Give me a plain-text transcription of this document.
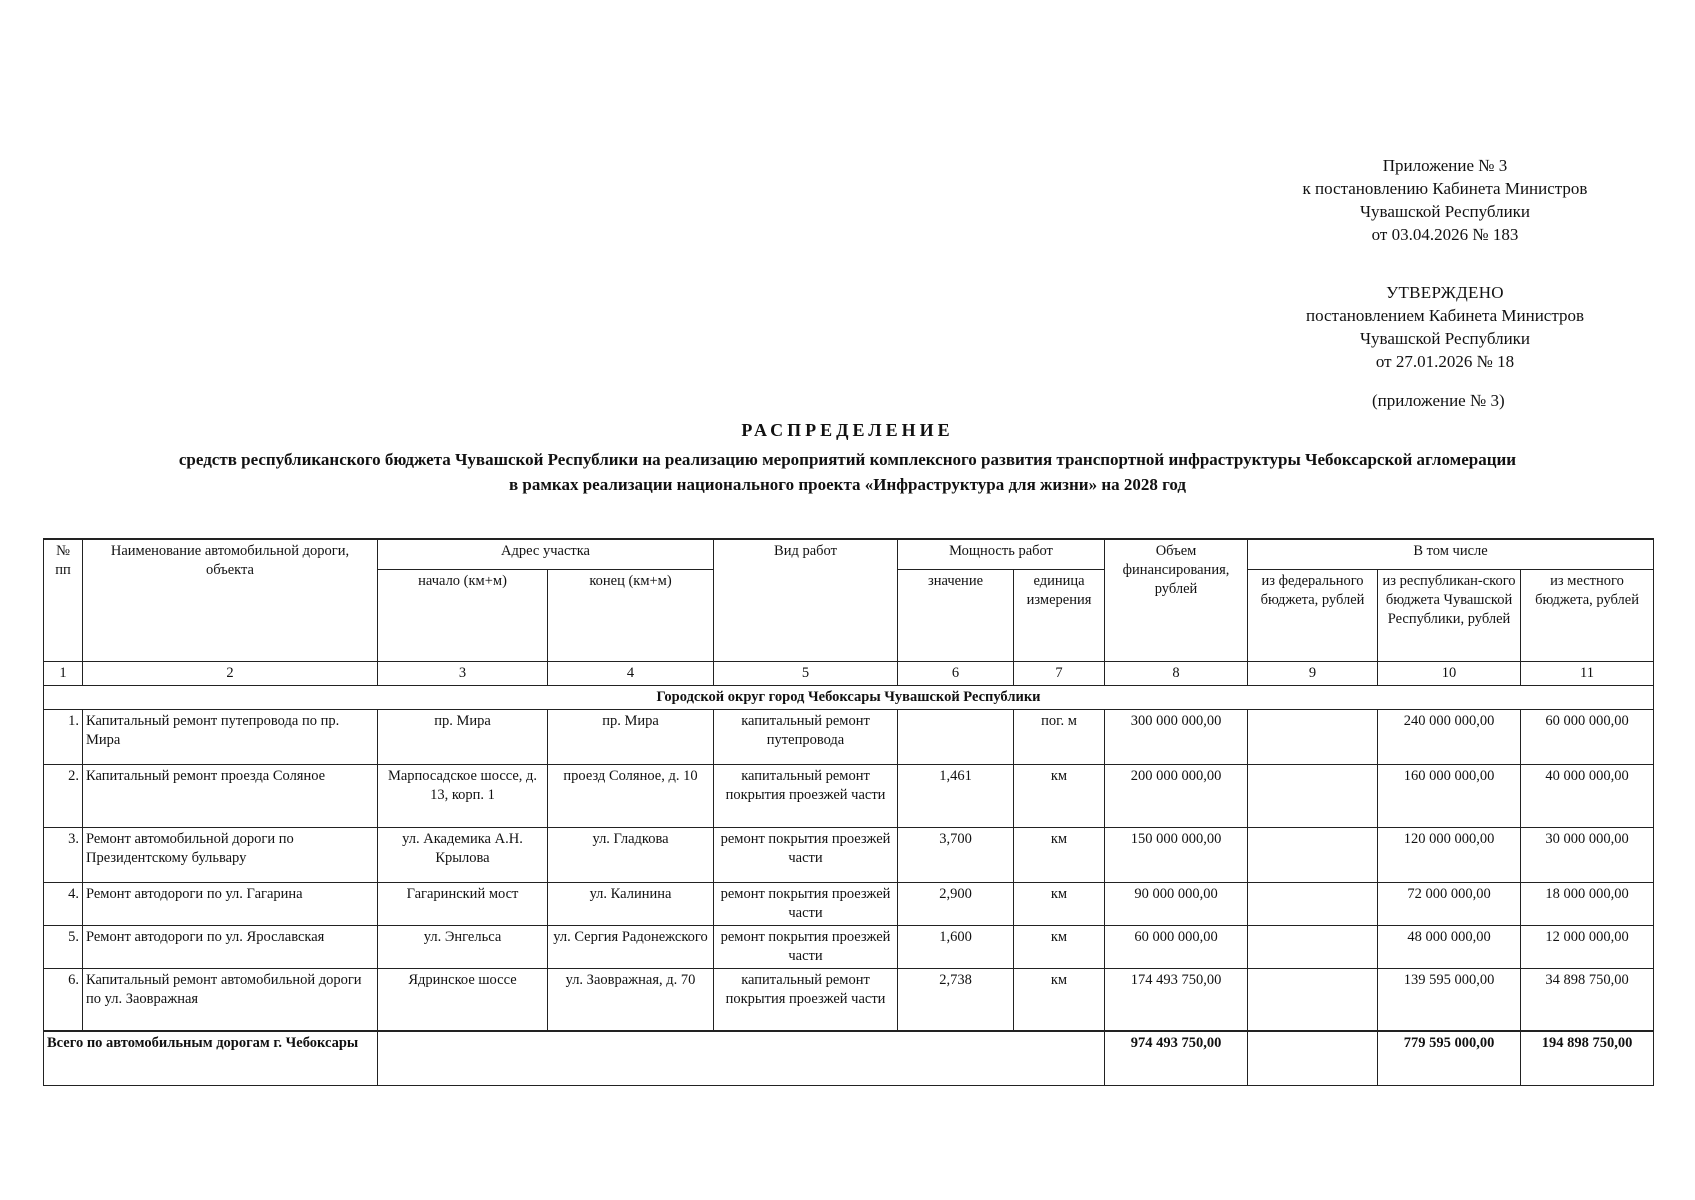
Приложение № 3
к постановлению Кабинета Министров
Чувашской Республики
от 03.04.2026 № 183
УТВЕРЖДЕНО
постановлением Кабинета Министров
Чувашской Республики
от 27.01.2026 № 18
(приложение № 3)
РАСПРЕДЕЛЕНИЕ
средств республиканского бюджета Чувашской Республики на реализацию мероприятий комплексного развития транспортной инфраструктуры Чебоксарской агломерации
в рамках реализации национального проекта «Инфраструктура для жизни» на 2028 год
№ пп	Наименование автомобильной дороги, объекта	Адрес участка		Вид работ	Мощность работ		Объем финансирования, рублей	В том числе		
		начало (км+м)	конец (км+м)		значение	единица измерения		из федерального бюджета, рублей	из республикан-ского бюджета Чувашской Республики, рублей	из местного бюджета, рублей
1	2	3	4	5	6	7	8	9	10	11
Городской округ город Чебоксары Чувашской Республики										
1.	Капитальный ремонт путепровода по пр. Мира	пр. Мира	пр. Мира	капитальный ремонт путепровода		пог. м	300 000 000,00		240 000 000,00	60 000 000,00
2.	Капитальный ремонт проезда Соляное	Марпосадское шоссе, д. 13, корп. 1	проезд Соляное, д. 10	капитальный ремонт покрытия проезжей части	1,461	км	200 000 000,00		160 000 000,00	40 000 000,00
3.	Ремонт автомобильной дороги по Президентскому бульвару	ул. Академика А.Н. Крылова	ул. Гладкова	ремонт покрытия проезжей части	3,700	км	150 000 000,00		120 000 000,00	30 000 000,00
4.	Ремонт автодороги по ул. Гагарина	Гагаринский мост	ул. Калинина	ремонт покрытия проезжей части	2,900	км	90 000 000,00		72 000 000,00	18 000 000,00
5.	Ремонт автодороги по ул. Ярославская	ул. Энгельса	ул. Сергия Радонежского	ремонт покрытия проезжей части	1,600	км	60 000 000,00		48 000 000,00	12 000 000,00
6.	Капитальный ремонт автомобильной дороги по ул. Заовражная	Ядринское шоссе	ул. Заовражная, д. 70	капитальный ремонт покрытия проезжей части	2,738	км	174 493 750,00		139 595 000,00	34 898 750,00
Всего по автомобильным дорогам г. Чебоксары							974 493 750,00		779 595 000,00	194 898 750,00
